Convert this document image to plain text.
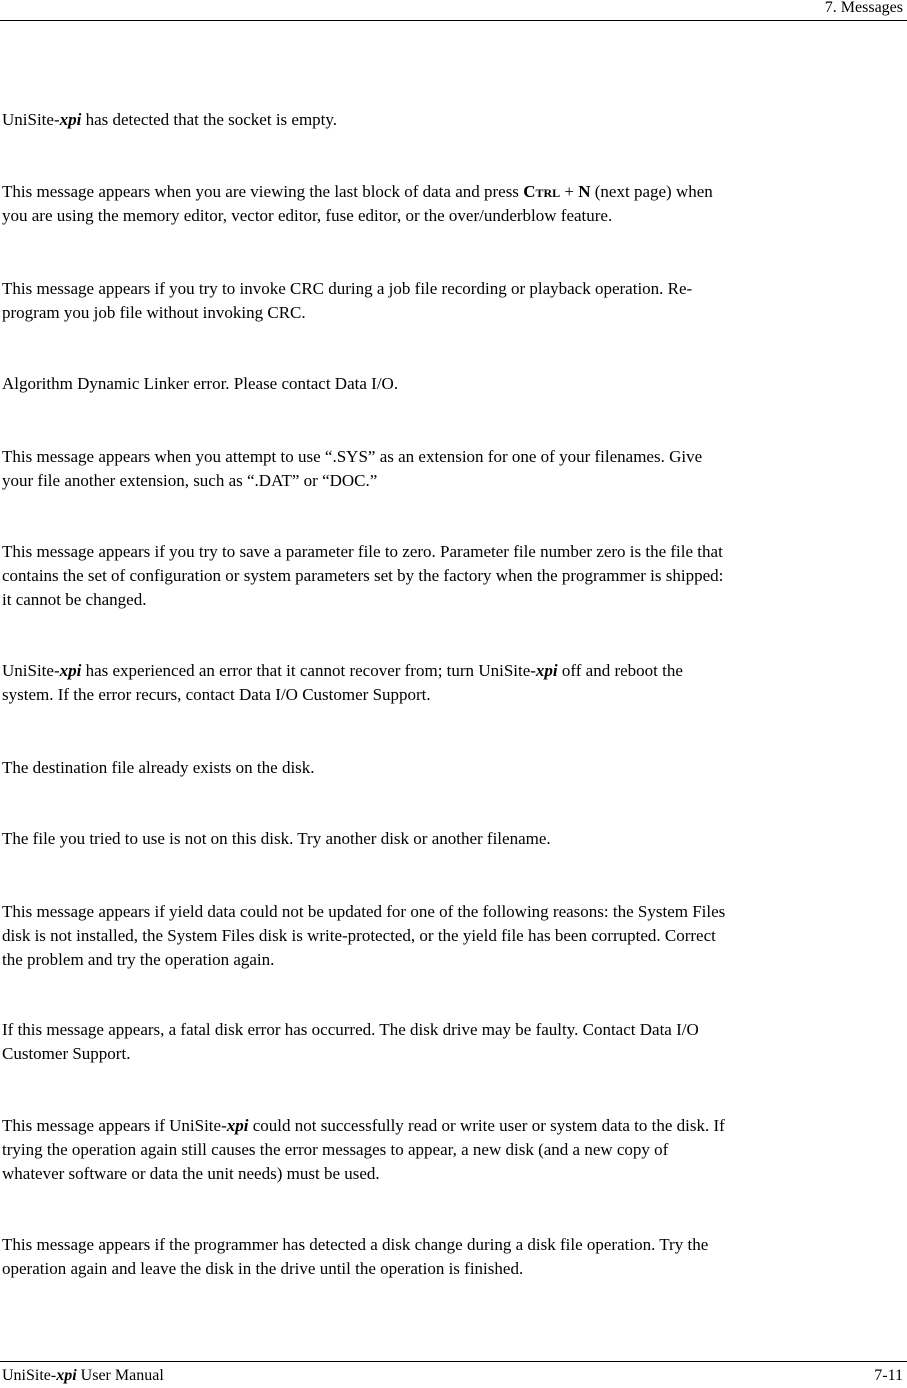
7. Messages

UniSite-xpi has detected that the socket is empty.

This message appears when you are viewing the last block of data and press Ctrl + N (next page) when
you are using the memory editor, vector editor, fuse editor, or the over/underblow feature.

This message appears if you try to invoke CRC during a job file recording or playback operation. Re-
program you job file without invoking CRC.

Algorithm Dynamic Linker error. Please contact Data I/O.

This message appears when you attempt to use “.SYS” as an extension for one of your filenames. Give
your file another extension, such as “.DAT” or “DOC.”

This message appears if you try to save a parameter file to zero. Parameter file number zero is the file that
contains the set of configuration or system parameters set by the factory when the programmer is shipped:
it cannot be changed.

UniSite-xpi has experienced an error that it cannot recover from; turn UniSite-xpi off and reboot the
system. If the error recurs, contact Data I/O Customer Support.

The destination file already exists on the disk.

The file you tried to use is not on this disk. Try another disk or another filename.

This message appears if yield data could not be updated for one of the following reasons: the System Files
disk is not installed, the System Files disk is write-protected, or the yield file has been corrupted. Correct
the problem and try the operation again.

If this message appears, a fatal disk error has occurred. The disk drive may be faulty. Contact Data I/O
Customer Support.

This message appears if UniSite-xpi could not successfully read or write user or system data to the disk. If
trying the operation again still causes the error messages to appear, a new disk (and a new copy of
whatever software or data the unit needs) must be used.

This message appears if the programmer has detected a disk change during a disk file operation. Try the
operation again and leave the disk in the drive until the operation is finished.

UniSite-xpi User Manual	7-11
